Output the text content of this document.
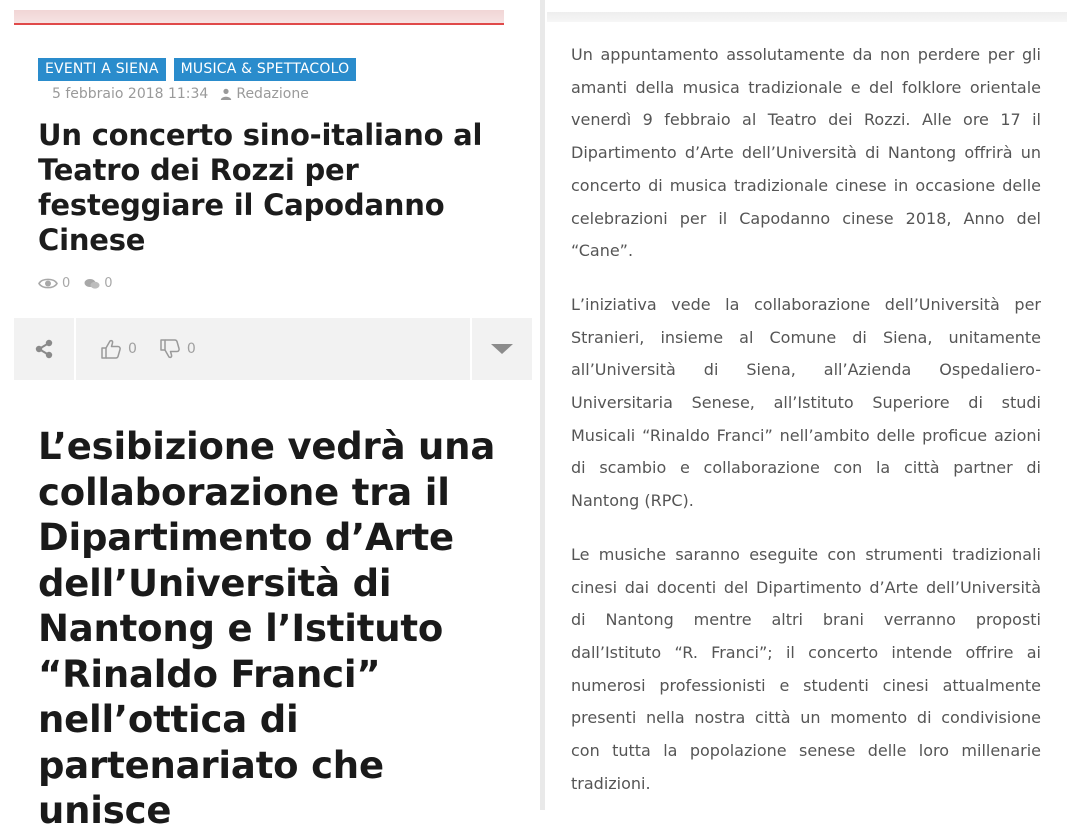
EVENTI A SIENA	MUSICA & SPETTACOLO
5 febbraio 2018 11:34 Redazione
Un concerto sino-italiano al Teatro dei Rozzi per festeggiare il Capodanno Cinese
0	0
0	0
L’esibizione vedrà una collaborazione tra il Dipartimento d’Arte dell’Università di Nantong e l’Istituto “Rinaldo Franci” nell’ottica di partenariato che unisce

Un appuntamento assolutamente da non perdere per gli amanti della musica tradizionale e del folklore orientale venerdì 9 febbraio al Teatro dei Rozzi. Alle ore 17 il Dipartimento d’Arte dell’Università di Nantong offrirà un concerto di musica tradizionale cinese in occasione delle celebrazioni per il Capodanno cinese 2018, Anno del “Cane”.

L’iniziativa vede la collaborazione dell’Università per Stranieri, insieme al Comune di Siena, unitamente all’Università di Siena, all’Azienda Ospedaliero-Universitaria Senese, all’Istituto Superiore di studi Musicali “Rinaldo Franci” nell’ambito delle proficue azioni di scambio e collaborazione con la città partner di Nantong (RPC).

Le musiche saranno eseguite con strumenti tradizionali cinesi dai docenti del Dipartimento d’Arte dell’Università di Nantong mentre altri brani verranno proposti dall’Istituto “R. Franci”; il concerto intende offrire ai numerosi professionisti e studenti cinesi attualmente presenti nella nostra città un momento di condivisione con tutta la popolazione senese delle loro millenarie tradizioni.
